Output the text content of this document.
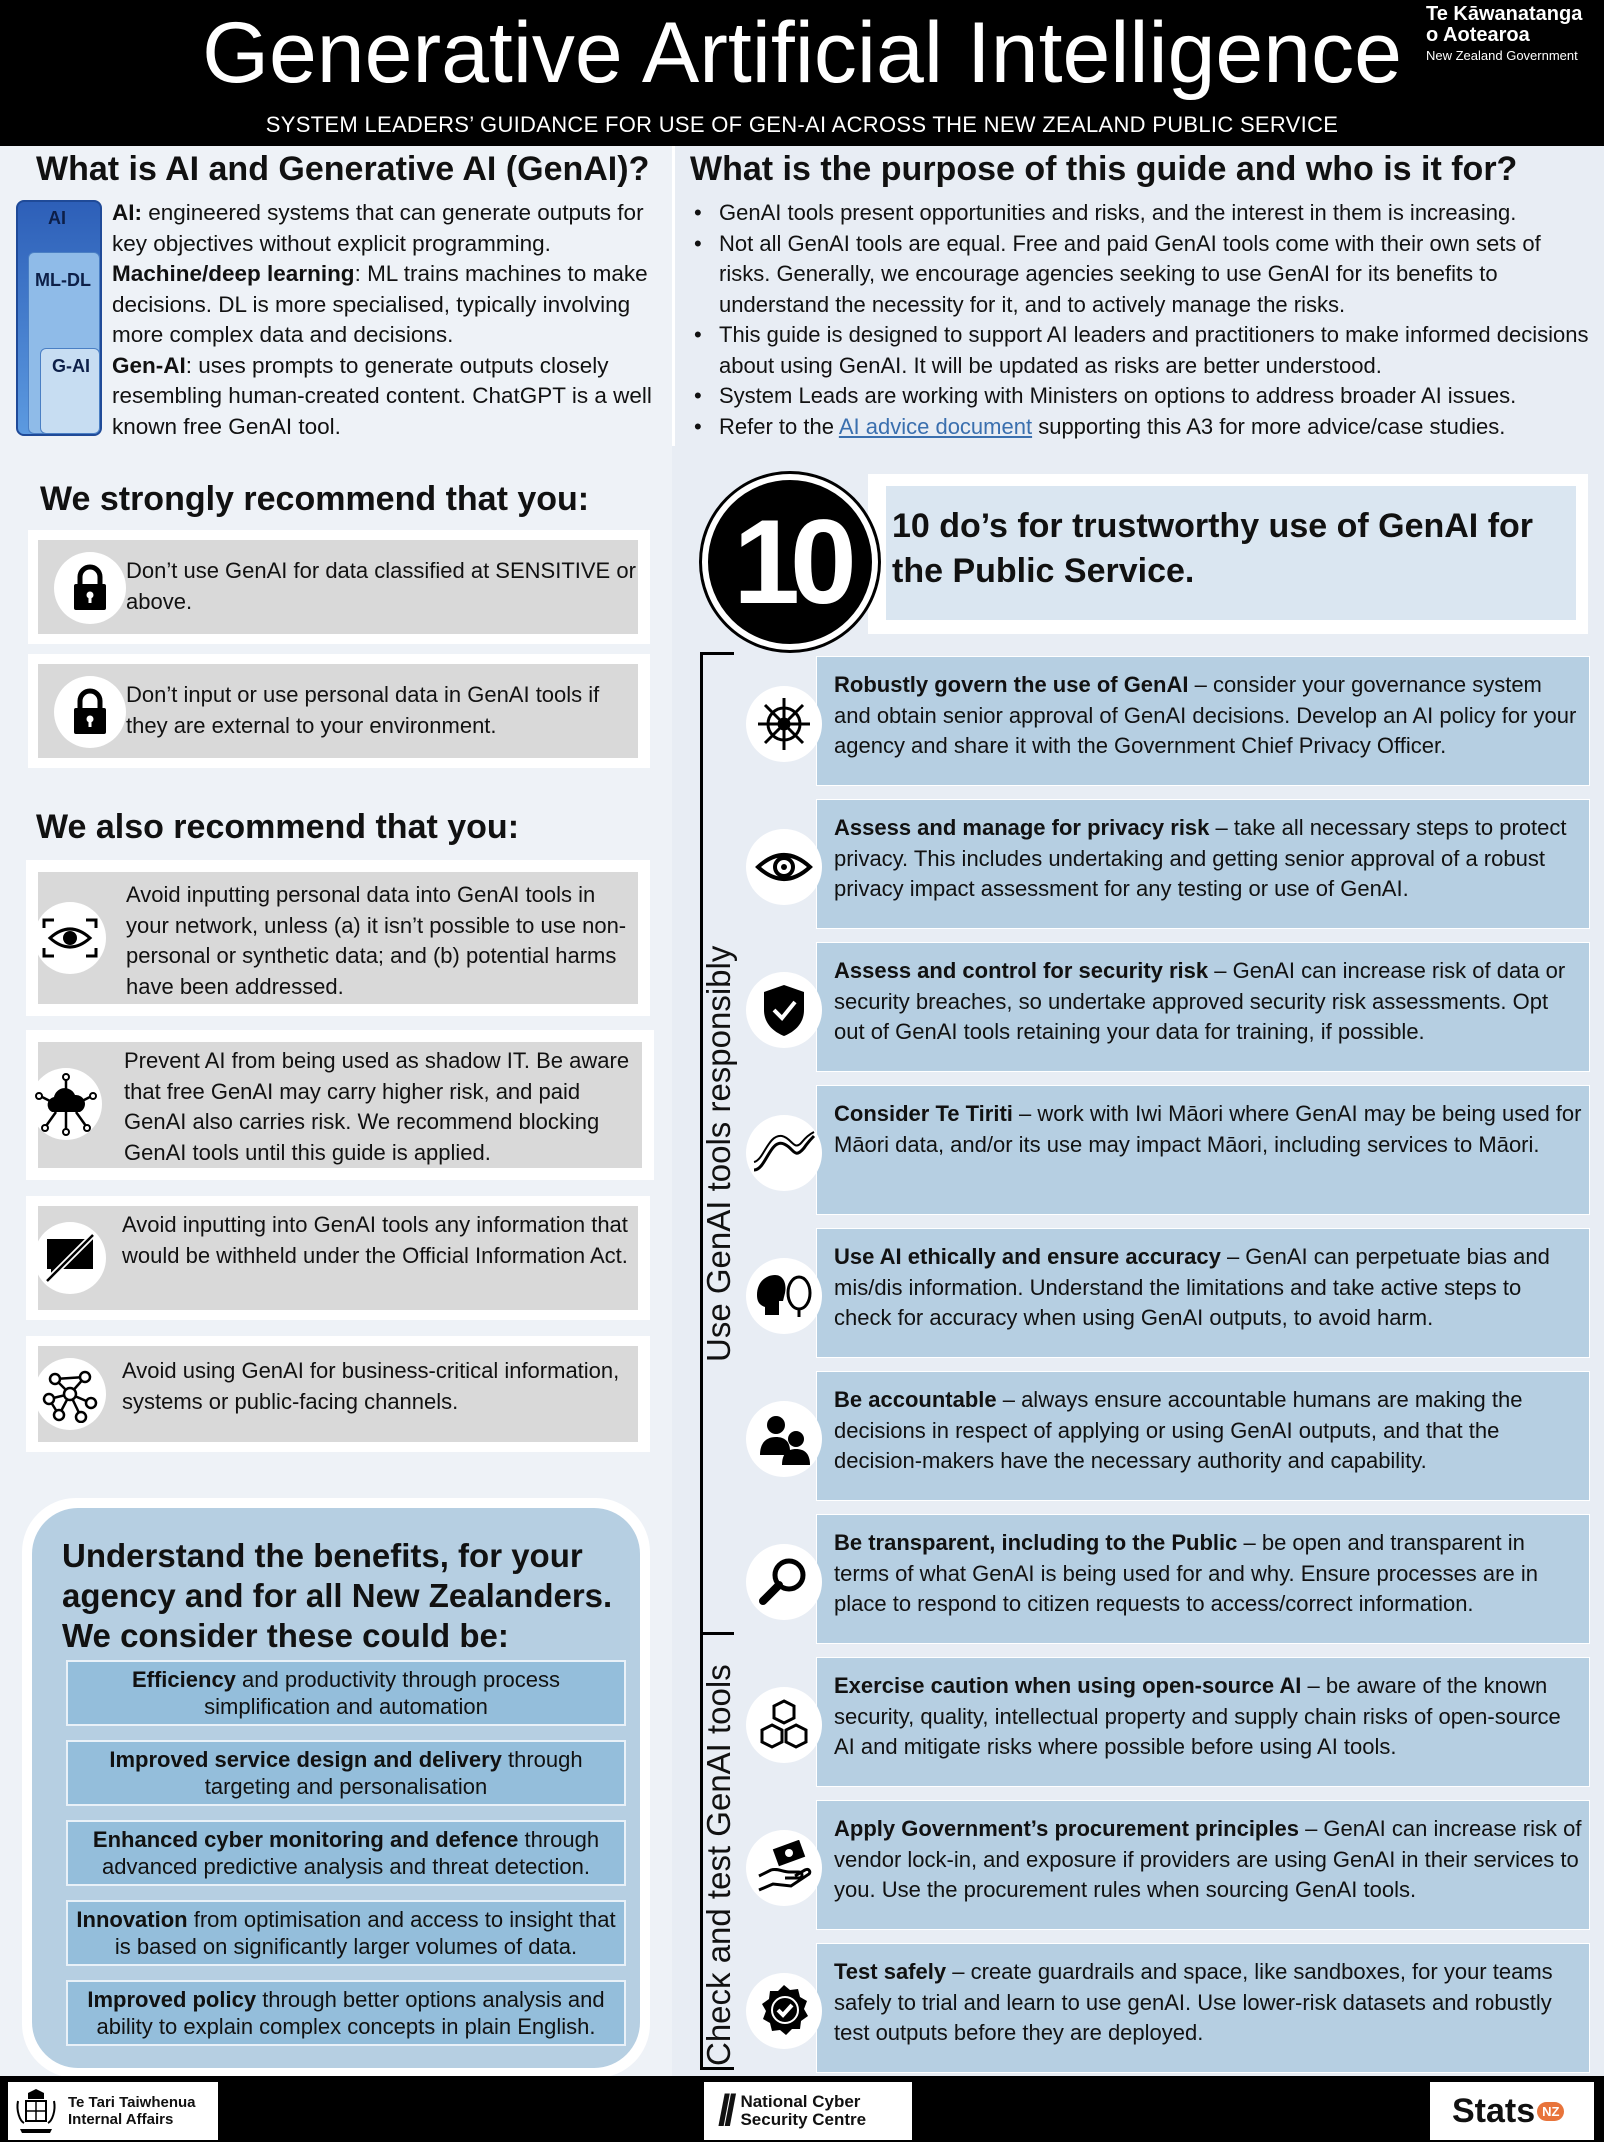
Generative Artificial Intelligence
SYSTEM LEADERS’ GUIDANCE FOR USE OF GEN-AI ACROSS THE NEW ZEALAND PUBLIC SERVICE
Te Kāwanatanga o Aotearoa
New Zealand Government
What is AI and Generative AI (GenAI)?
AI
ML-DL
G-AI
AI: engineered systems that can generate outputs for key objectives without explicit programming.
Machine/deep learning: ML trains machines to make decisions. DL is more specialised, typically involving more complex data and decisions.
Gen-AI: uses prompts to generate outputs closely resembling human-created content. ChatGPT is a well known free GenAI tool.
What is the purpose of this guide and who is it for?
• GenAI tools present opportunities and risks, and the interest in them is increasing.
• Not all GenAI tools are equal. Free and paid GenAI tools come with their own sets of risks. Generally, we encourage agencies seeking to use GenAI for its benefits to understand the necessity for it, and to actively manage the risks.
• This guide is designed to support AI leaders and practitioners to make informed decisions about using GenAI. It will be updated as risks are better understood.
• System Leads are working with Ministers on options to address broader AI issues.
• Refer to the AI advice document supporting this A3 for more advice/case studies.
We strongly recommend that you:
Don’t use GenAI for data classified at SENSITIVE or above.
Don’t input or use personal data in GenAI tools if they are external to your environment.
We also recommend that you:
Avoid inputting personal data into GenAI tools in your network, unless (a) it isn’t possible to use non-personal or synthetic data; and (b) potential harms have been addressed.
Prevent AI from being used as shadow IT. Be aware that free GenAI may carry higher risk, and paid GenAI also carries risk. We recommend blocking GenAI tools until this guide is applied.
Avoid inputting into GenAI tools any information that would be withheld under the Official Information Act.
Avoid using GenAI for business-critical information, systems or public-facing channels.
Understand the benefits, for your agency and for all New Zealanders. We consider these could be:
Efficiency and productivity through process simplification and automation
Improved service design and delivery through targeting and personalisation
Enhanced cyber monitoring and defence through advanced predictive analysis and threat detection.
Innovation from optimisation and access to insight that is based on significantly larger volumes of data.
Improved policy through better options analysis and ability to explain complex concepts in plain English.
10 do’s for trustworthy use of GenAI for the Public Service.
10
Use GenAI tools responsibly
Check and test GenAI tools
Robustly govern the use of GenAI – consider your governance system and obtain senior approval of GenAI decisions. Develop an AI policy for your agency and share it with the Government Chief Privacy Officer.
Assess and manage for privacy risk – take all necessary steps to protect privacy. This includes undertaking and getting senior approval of a robust privacy impact assessment for any testing or use of GenAI.
Assess and control for security risk – GenAI can increase risk of data or security breaches, so undertake approved security risk assessments. Opt out of GenAI tools retaining your data for training, if possible.
Consider Te Tiriti – work with Iwi Māori where GenAI may be being used for Māori data, and/or its use may impact Māori, including services to Māori.
Use AI ethically and ensure accuracy – GenAI can perpetuate bias and mis/dis information. Understand the limitations and take active steps to check for accuracy when using GenAI outputs, to avoid harm.
Be accountable – always ensure accountable humans are making the decisions in respect of applying or using GenAI outputs, and that the decision-makers have the necessary authority and capability.
Be transparent, including to the Public – be open and transparent in terms of what GenAI is being used for and why. Ensure processes are in place to respond to citizen requests to access/correct information.
Exercise caution when using open-source AI – be aware of the known security, quality, intellectual property and supply chain risks of open-source AI and mitigate risks where possible before using AI tools.
Apply Government’s procurement principles – GenAI can increase risk of vendor lock-in, and exposure if providers are using GenAI in their services to you. Use the procurement rules when sourcing GenAI tools.
Test safely – create guardrails and space, like sandboxes, for your teams safely to trial and learn to use genAI. Use lower-risk datasets and robustly test outputs before they are deployed.
Te Tari Taiwhenua
Internal Affairs	// National Cyber
Security Centre	Stats NZ
